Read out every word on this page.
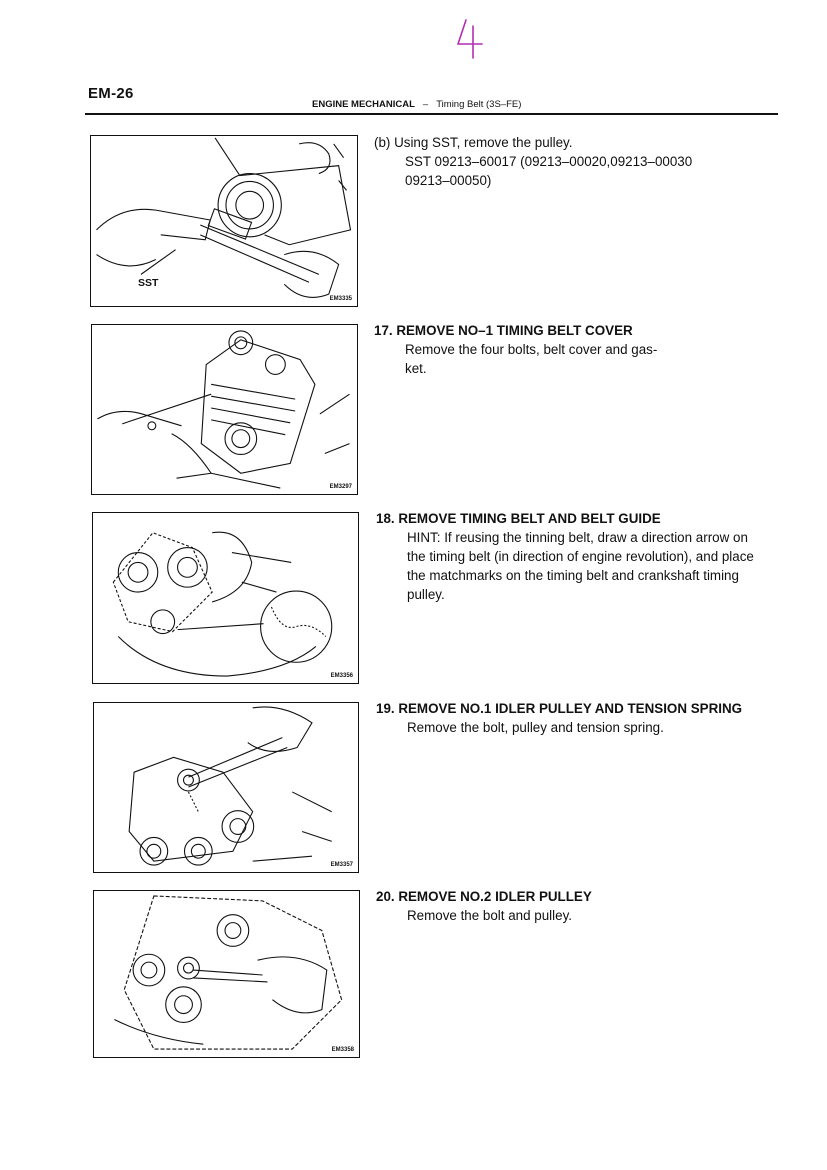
EM-26
ENGINE MECHANICAL – Timing Belt (3S–FE)
SST
EM3335
(b) Using SST, remove the pulley.
SST 09213–60017 (09213–00020,09213–00030
09213–00050)
EM3297
17. REMOVE NO–1 TIMING BELT COVER
Remove the four bolts, belt cover and gas-
ket.
EM3356
18. REMOVE TIMING BELT AND BELT GUIDE
HINT: If reusing the tinning belt, draw a direction arrow on
the timing belt (in direction of engine revolution), and place
the matchmarks on the timing belt and crankshaft timing
pulley.
EM3357
19. REMOVE NO.1 IDLER PULLEY AND TENSION SPRING
Remove the bolt, pulley and tension spring.
EM3358
20. REMOVE NO.2 IDLER PULLEY
Remove the bolt and pulley.
